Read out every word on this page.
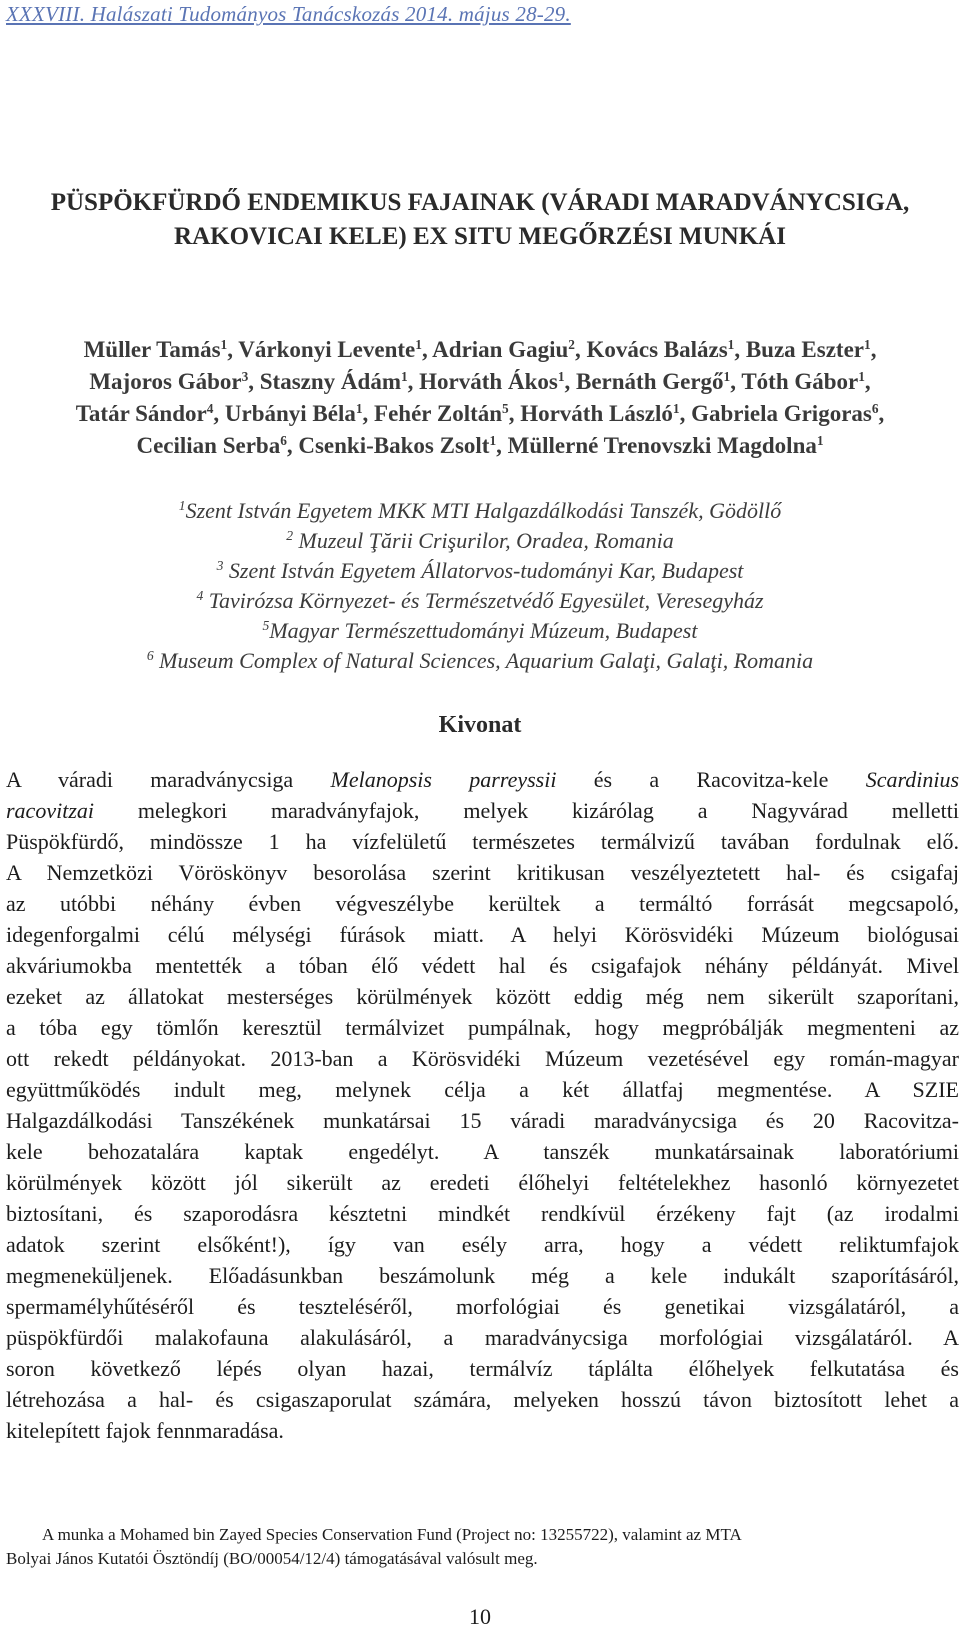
XXXVIII. Halászati Tudományos Tanácskozás 2014. május 28-29.
PÜSPÖKFÜRDŐ ENDEMIKUS FAJAINAK (VÁRADI MARADVÁNYCSIGA,
RAKOVICAI KELE) EX SITU MEGŐRZÉSI MUNKÁI
Müller Tamás$^1$, Várkonyi Levente$^1$, Adrian Gagiu$^2$, Kovács Balázs$^1$, Buza Eszter$^1$,
Majoros Gábor$^3$, Staszny Ádám$^1$, Horváth Ákos$^1$, Bernáth Gergő$^1$, Tóth Gábor$^1$,
Tatár Sándor$^4$, Urbányi Béla$^1$, Fehér Zoltán$^5$, Horváth László$^1$, Gabriela Grigoras$^6$,
Cecilian Serba$^6$, Csenki-Bakos Zsolt$^1$, Müllerné Trenovszki Magdolna$^1$
$^1$Szent István Egyetem MKK MTI Halgazdálkodási Tanszék, Gödöllő
$^2$ Muzeul Ţării Crişurilor, Oradea, Romania
$^3$ Szent István Egyetem Állatorvos-tudományi Kar, Budapest
$^4$ Tavirózsa Környezet- és Természetvédő Egyesület, Veresegyház
$^5$Magyar Természettudományi Múzeum, Budapest
$^6$ Museum Complex of Natural Sciences, Aquarium Galaţi, Galaţi, Romania
Kivonat
A váradi maradványcsiga Melanopsis parreyssii és a Racovitza-kele Scardinius
racovitzai melegkori maradványfajok, melyek kizárólag a Nagyvárad melletti
Püspökfürdő, mindössze 1 ha vízfelületű természetes termálvizű tavában fordulnak elő.
A Nemzetközi Vöröskönyv besorolása szerint kritikusan veszélyeztetett hal- és csigafaj
az utóbbi néhány évben végveszélybe kerültek a termáltó forrását megcsapoló,
idegenforgalmi célú mélységi fúrások miatt. A helyi Körösvidéki Múzeum biológusai
akváriumokba mentették a tóban élő védett hal és csigafajok néhány példányát. Mivel
ezeket az állatokat mesterséges körülmények között eddig még nem sikerült szaporítani,
a tóba egy tömlőn keresztül termálvizet pumpálnak, hogy megpróbálják megmenteni az
ott rekedt példányokat. 2013-ban a Körösvidéki Múzeum vezetésével egy román-magyar
együttműködés indult meg, melynek célja a két állatfaj megmentése. A SZIE
Halgazdálkodási Tanszékének munkatársai 15 váradi maradványcsiga és 20 Racovitza-
kele behozatalára kaptak engedélyt. A tanszék munkatársainak laboratóriumi
körülmények között jól sikerült az eredeti élőhelyi feltételekhez hasonló környezetet
biztosítani, és szaporodásra késztetni mindkét rendkívül érzékeny fajt (az irodalmi
adatok szerint elsőként!), így van esély arra, hogy a védett reliktumfajok
megmeneküljenek. Előadásunkban beszámolunk még a kele indukált szaporításáról,
spermamélyhűtéséről és teszteléséről, morfológiai és genetikai vizsgálatáról, a
püspökfürdői malakofauna alakulásáról, a maradványcsiga morfológiai vizsgálatáról. A
soron következő lépés olyan hazai, termálvíz táplálta élőhelyek felkutatása és
létrehozása a hal- és csigaszaporulat számára, melyeken hosszú távon biztosított lehet a
kitelepített fajok fennmaradása.
A munka a Mohamed bin Zayed Species Conservation Fund (Project no: 13255722), valamint az MTA
Bolyai János Kutatói Ösztöndíj (BO/00054/12/4) támogatásával valósult meg.
10
